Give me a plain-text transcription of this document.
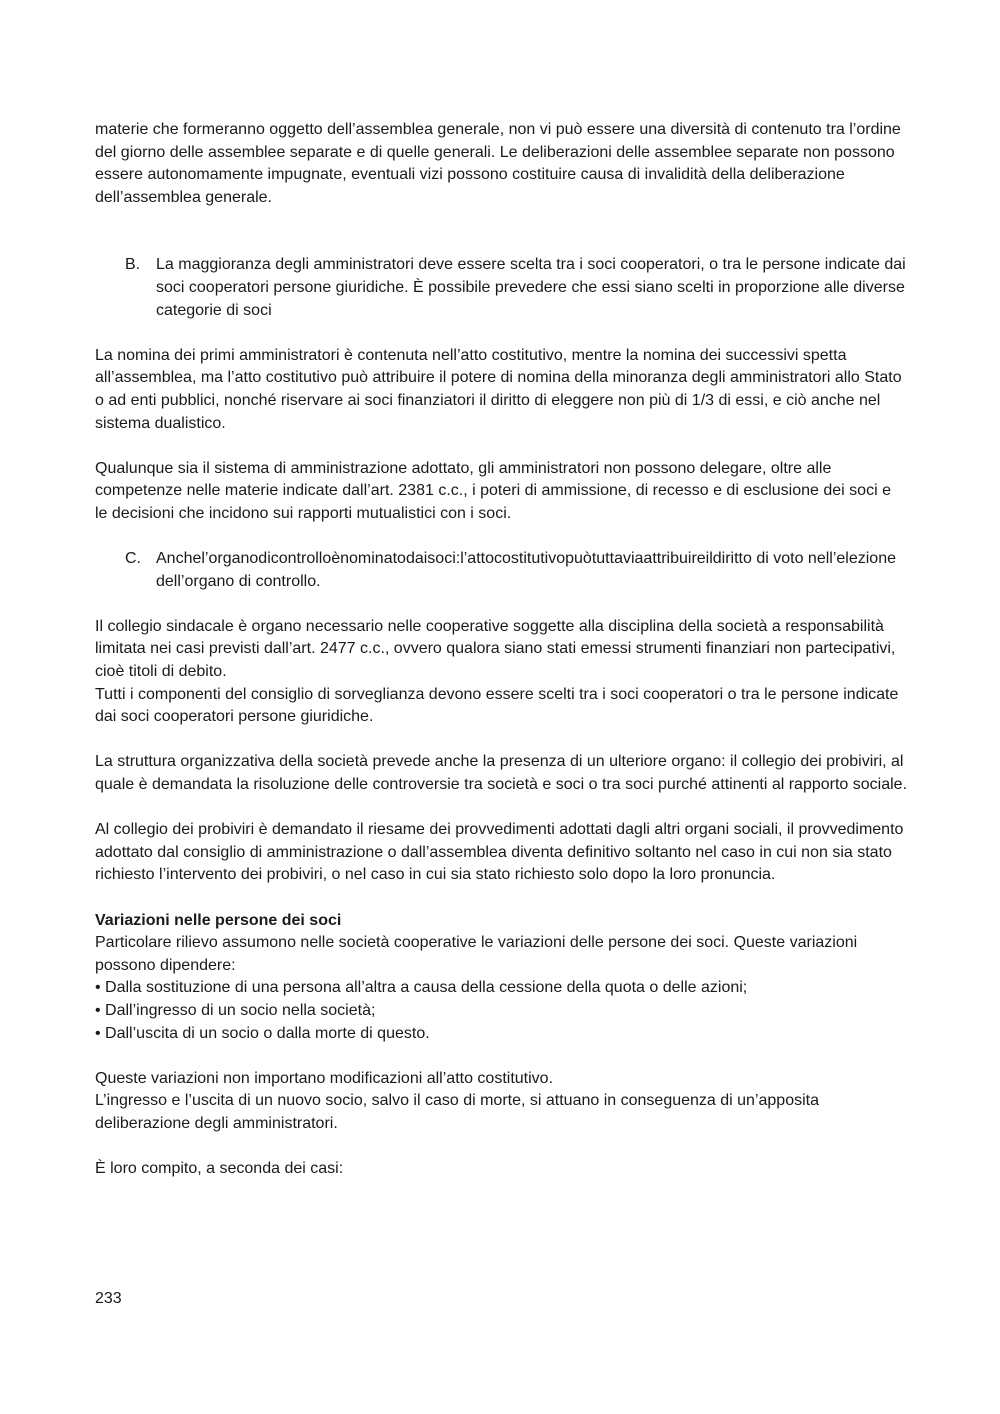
materie che formeranno oggetto dell’assemblea generale, non vi può essere una diversità di contenuto tra l’ordine del giorno delle assemblee separate e di quelle generali. Le deliberazioni delle assemblee separate non possono essere autonomamente impugnate, eventuali vizi possono costituire causa di invalidità della deliberazione dell’assemblea generale.

B. La maggioranza degli amministratori deve essere scelta tra i soci cooperatori, o tra le persone indicate dai soci cooperatori persone giuridiche. È possibile prevedere che essi siano scelti in proporzione alle diverse categorie di soci

La nomina dei primi amministratori è contenuta nell’atto costitutivo, mentre la nomina dei successivi spetta all’assemblea, ma l’atto costitutivo può attribuire il potere di nomina della minoranza degli amministratori allo Stato o ad enti pubblici, nonché riservare ai soci finanziatori il diritto di eleggere non più di 1/3 di essi, e ciò anche nel sistema dualistico.

Qualunque sia il sistema di amministrazione adottato, gli amministratori non possono delegare, oltre alle competenze nelle materie indicate dall’art. 2381 c.c., i poteri di ammissione, di recesso e di esclusione dei soci e le decisioni che incidono sui rapporti mutualistici con i soci.

C. Anchel’organodicontrolloènominatodaisoci:l’attocostitutivopuòtuttaviaattribuireildiritto di voto nell’elezione dell’organo di controllo.

Il collegio sindacale è organo necessario nelle cooperative soggette alla disciplina della società a responsabilità limitata nei casi previsti dall’art. 2477 c.c., ovvero qualora siano stati emessi strumenti finanziari non partecipativi, cioè titoli di debito.

Tutti i componenti del consiglio di sorveglianza devono essere scelti tra i soci cooperatori o tra le persone indicate dai soci cooperatori persone giuridiche.

La struttura organizzativa della società prevede anche la presenza di un ulteriore organo: il collegio dei probiviri, al quale è demandata la risoluzione delle controversie tra società e soci o tra soci purché attinenti al rapporto sociale.

Al collegio dei probiviri è demandato il riesame dei provvedimenti adottati dagli altri organi sociali, il provvedimento adottato dal consiglio di amministrazione o dall’assemblea diventa definitivo soltanto nel caso in cui non sia stato richiesto l’intervento dei probiviri, o nel caso in cui sia stato richiesto solo dopo la loro pronuncia.

Variazioni nelle persone dei soci

Particolare rilievo assumono nelle società cooperative le variazioni delle persone dei soci. Queste variazioni possono dipendere:

• Dalla sostituzione di una persona all’altra a causa della cessione della quota o delle azioni;
• Dall’ingresso di un socio nella società;
• Dall’uscita di un socio o dalla morte di questo.

Queste variazioni non importano modificazioni all’atto costitutivo.

L’ingresso e l’uscita di un nuovo socio, salvo il caso di morte, si attuano in conseguenza di un’apposita deliberazione degli amministratori.

È loro compito, a seconda dei casi:

233
